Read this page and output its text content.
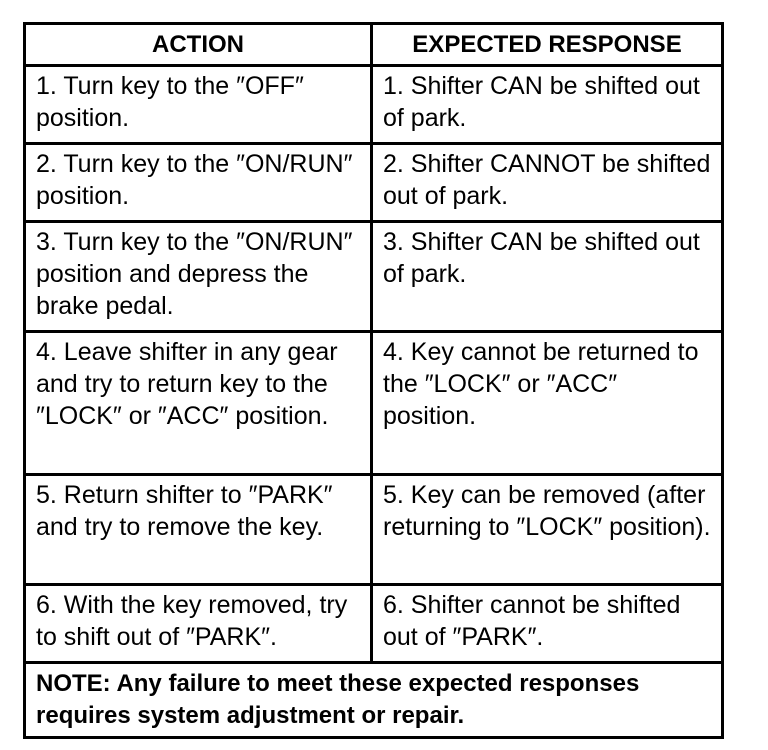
ACTION	EXPECTED RESPONSE
1. Turn key to the ″OFF″ position.	1. Shifter CAN be shifted out of park.
2. Turn key to the ″ON/RUN″ position.	2. Shifter CANNOT be shifted out of park.
3. Turn key to the ″ON/RUN″ position and depress the brake pedal.	3. Shifter CAN be shifted out of park.
4. Leave shifter in any gear and try to return key to the ″LOCK″ or ″ACC″ position.	4. Key cannot be returned to the ″LOCK″ or ″ACC″ position.
5. Return shifter to ″PARK″ and try to remove the key.	5. Key can be removed (after returning to ″LOCK″ position).
6. With the key removed, try to shift out of ″PARK″.	6. Shifter cannot be shifted out of ″PARK″.
NOTE: Any failure to meet these expected responses requires system adjustment or repair.	
